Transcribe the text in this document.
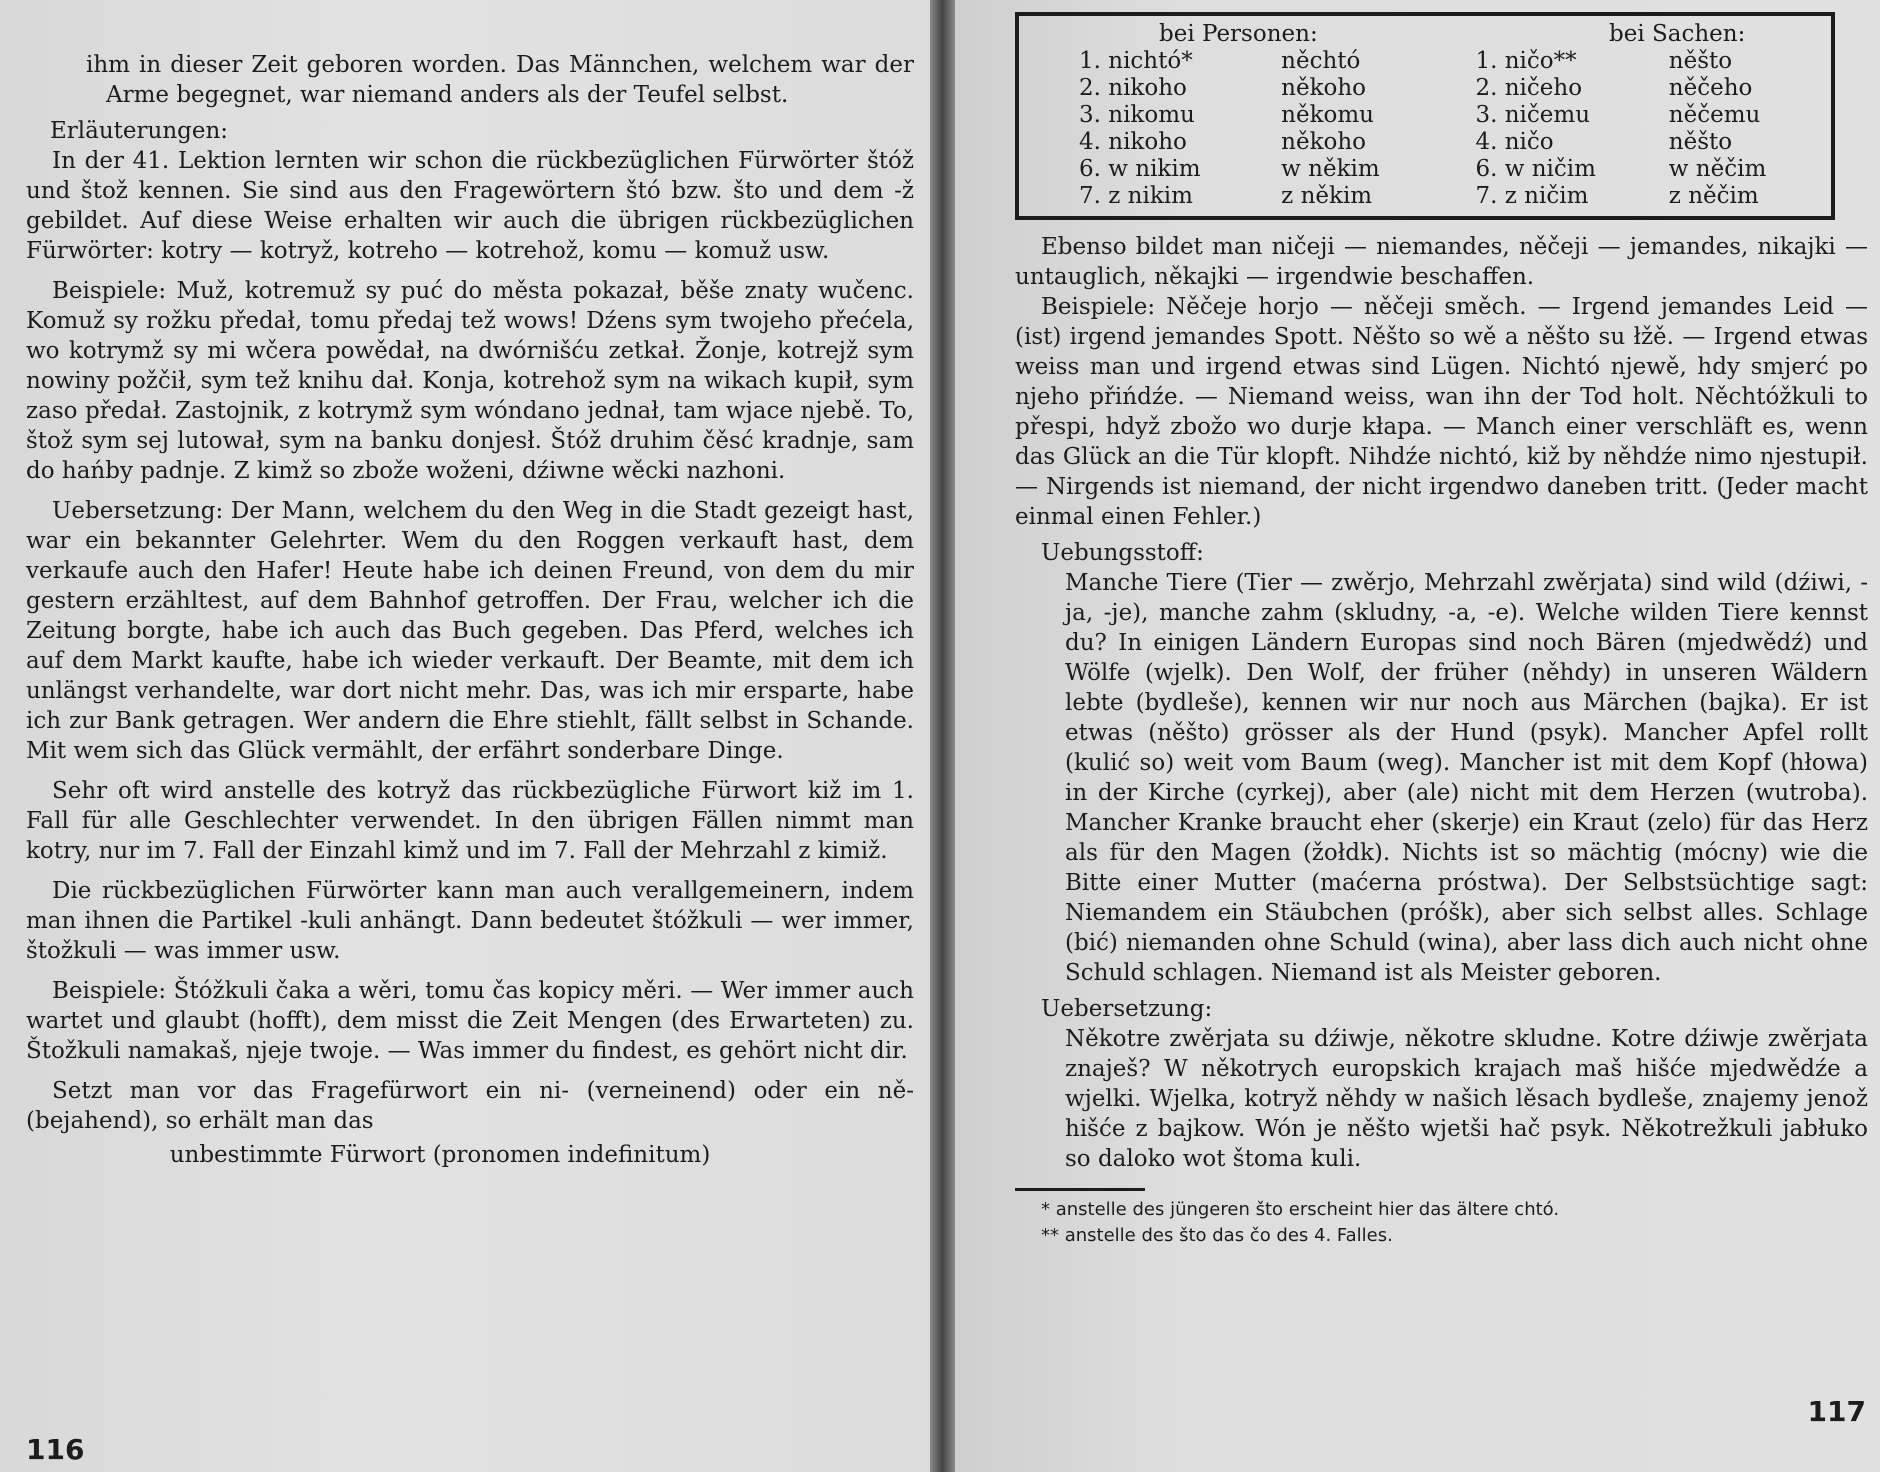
ihm in dieser Zeit geboren worden. Das Männchen, welchem war der Arme begegnet, war niemand anders als der Teufel selbst.

Erläuterungen:

In der 41. Lektion lernten wir schon die rückbezüglichen Fürwörter štóž und štož kennen. Sie sind aus den Fragewörtern štó bzw. što und dem -ž gebildet. Auf diese Weise erhalten wir auch die übrigen rückbezüglichen Fürwörter: kotry — kotryž, kotreho — kotrehož, komu — komuž usw.

Beispiele: Muž, kotremuž sy puć do města pokazał, běše znaty wučenc. Komuž sy rožku předał, tomu předaj tež wows! Dźens sym twojeho přećela, wo kotrymž sy mi wčera powědał, na dwórnišću zetkał. Žonje, kotrejž sym nowiny požčił, sym tež knihu dał. Konja, kotrehož sym na wikach kupił, sym zaso předał. Zastojnik, z kotrymž sym wóndano jednał, tam wjace njebě. To, štož sym sej lutował, sym na banku donjesł. Štóž druhim čěsć kradnje, sam do hańby padnje. Z kimž so zbože woženi, dźiwne wěcki nazhoni.

Uebersetzung: Der Mann, welchem du den Weg in die Stadt gezeigt hast, war ein bekannter Gelehrter. Wem du den Roggen verkauft hast, dem verkaufe auch den Hafer! Heute habe ich deinen Freund, von dem du mir gestern erzähltest, auf dem Bahnhof getroffen. Der Frau, welcher ich die Zeitung borgte, habe ich auch das Buch gegeben. Das Pferd, welches ich auf dem Markt kaufte, habe ich wieder verkauft. Der Beamte, mit dem ich unlängst verhandelte, war dort nicht mehr. Das, was ich mir ersparte, habe ich zur Bank getragen. Wer andern die Ehre stiehlt, fällt selbst in Schande. Mit wem sich das Glück vermählt, der erfährt sonderbare Dinge.

Sehr oft wird anstelle des kotryž das rückbezügliche Fürwort kiž im 1. Fall für alle Geschlechter verwendet. In den übrigen Fällen nimmt man kotry, nur im 7. Fall der Einzahl kimž und im 7. Fall der Mehrzahl z kimiž.

Die rückbezüglichen Fürwörter kann man auch verallgemeinern, indem man ihnen die Partikel -kuli anhängt. Dann bedeutet štóžkuli — wer immer, štožkuli — was immer usw.

Beispiele: Štóžkuli čaka a wěri, tomu čas kopicy měri. — Wer immer auch wartet und glaubt (hofft), dem misst die Zeit Mengen (des Erwarteten) zu. Štožkuli namakaš, njeje twoje. — Was immer du findest, es gehört nicht dir.

Setzt man vor das Fragefürwort ein ni- (verneinend) oder ein ně- (bejahend), so erhält man das

unbestimmte Fürwort (pronomen indefinitum)
116
bei Personen:	bei Sachen:
1. nichtó*	něchtó	1. ničo**	něšto
2. nikoho	někoho	2. ničeho	něčeho
3. nikomu	někomu	3. ničemu	něčemu
4. nikoho	někoho	4. ničo	něšto
6. w nikim	w někim	6. w ničim	w něčim
7. z nikim	z někim	7. z ničim	z něčim

Ebenso bildet man ničeji — niemandes, něčeji — jemandes, nikajki — untauglich, někajki — irgendwie beschaffen.

Beispiele: Něčeje horjo — něčeji směch. — Irgend jemandes Leid — (ist) irgend jemandes Spott. Něšto so wě a něšto su łžě. — Irgend etwas weiss man und irgend etwas sind Lügen. Nichtó njewě, hdy smjerć po njeho přińdźe. — Niemand weiss, wan ihn der Tod holt. Něchtóžkuli to přespi, hdyž zbožo wo durje kłapa. — Manch einer verschläft es, wenn das Glück an die Tür klopft. Nihdźe nichtó, kiž by něhdźe nimo njestupił. — Nirgends ist niemand, der nicht irgendwo daneben tritt. (Jeder macht einmal einen Fehler.)

Uebungsstoff:

Manche Tiere (Tier — zwěrjo, Mehrzahl zwěrjata) sind wild (dźiwi, -ja, -je), manche zahm (skludny, -a, -e). Welche wilden Tiere kennst du? In einigen Ländern Europas sind noch Bären (mjedwědź) und Wölfe (wjelk). Den Wolf, der früher (něhdy) in unseren Wäldern lebte (bydleše), kennen wir nur noch aus Märchen (bajka). Er ist etwas (něšto) grösser als der Hund (psyk). Mancher Apfel rollt (kulić so) weit vom Baum (weg). Mancher ist mit dem Kopf (hłowa) in der Kirche (cyrkej), aber (ale) nicht mit dem Herzen (wutroba). Mancher Kranke braucht eher (skerje) ein Kraut (zelo) für das Herz als für den Magen (žołdk). Nichts ist so mächtig (mócny) wie die Bitte einer Mutter (maćerna próstwa). Der Selbstsüchtige sagt: Niemandem ein Stäubchen (próšk), aber sich selbst alles. Schlage (bić) niemanden ohne Schuld (wina), aber lass dich auch nicht ohne Schuld schlagen. Niemand ist als Meister geboren.

Uebersetzung:

Někotre zwěrjata su dźiwje, někotre skludne. Kotre dźiwje zwěrjata znaješ? W někotrych europskich krajach maš hišće mjedwědźe a wjelki. Wjelka, kotryž něhdy w našich lěsach bydleše, znajemy jenož hišće z bajkow. Wón je něšto wjetši hač psyk. Někotrežkuli jabłuko so daloko wot štoma kuli.

* anstelle des jüngeren što erscheint hier das ältere chtó.
** anstelle des što das čo des 4. Falles.
117
